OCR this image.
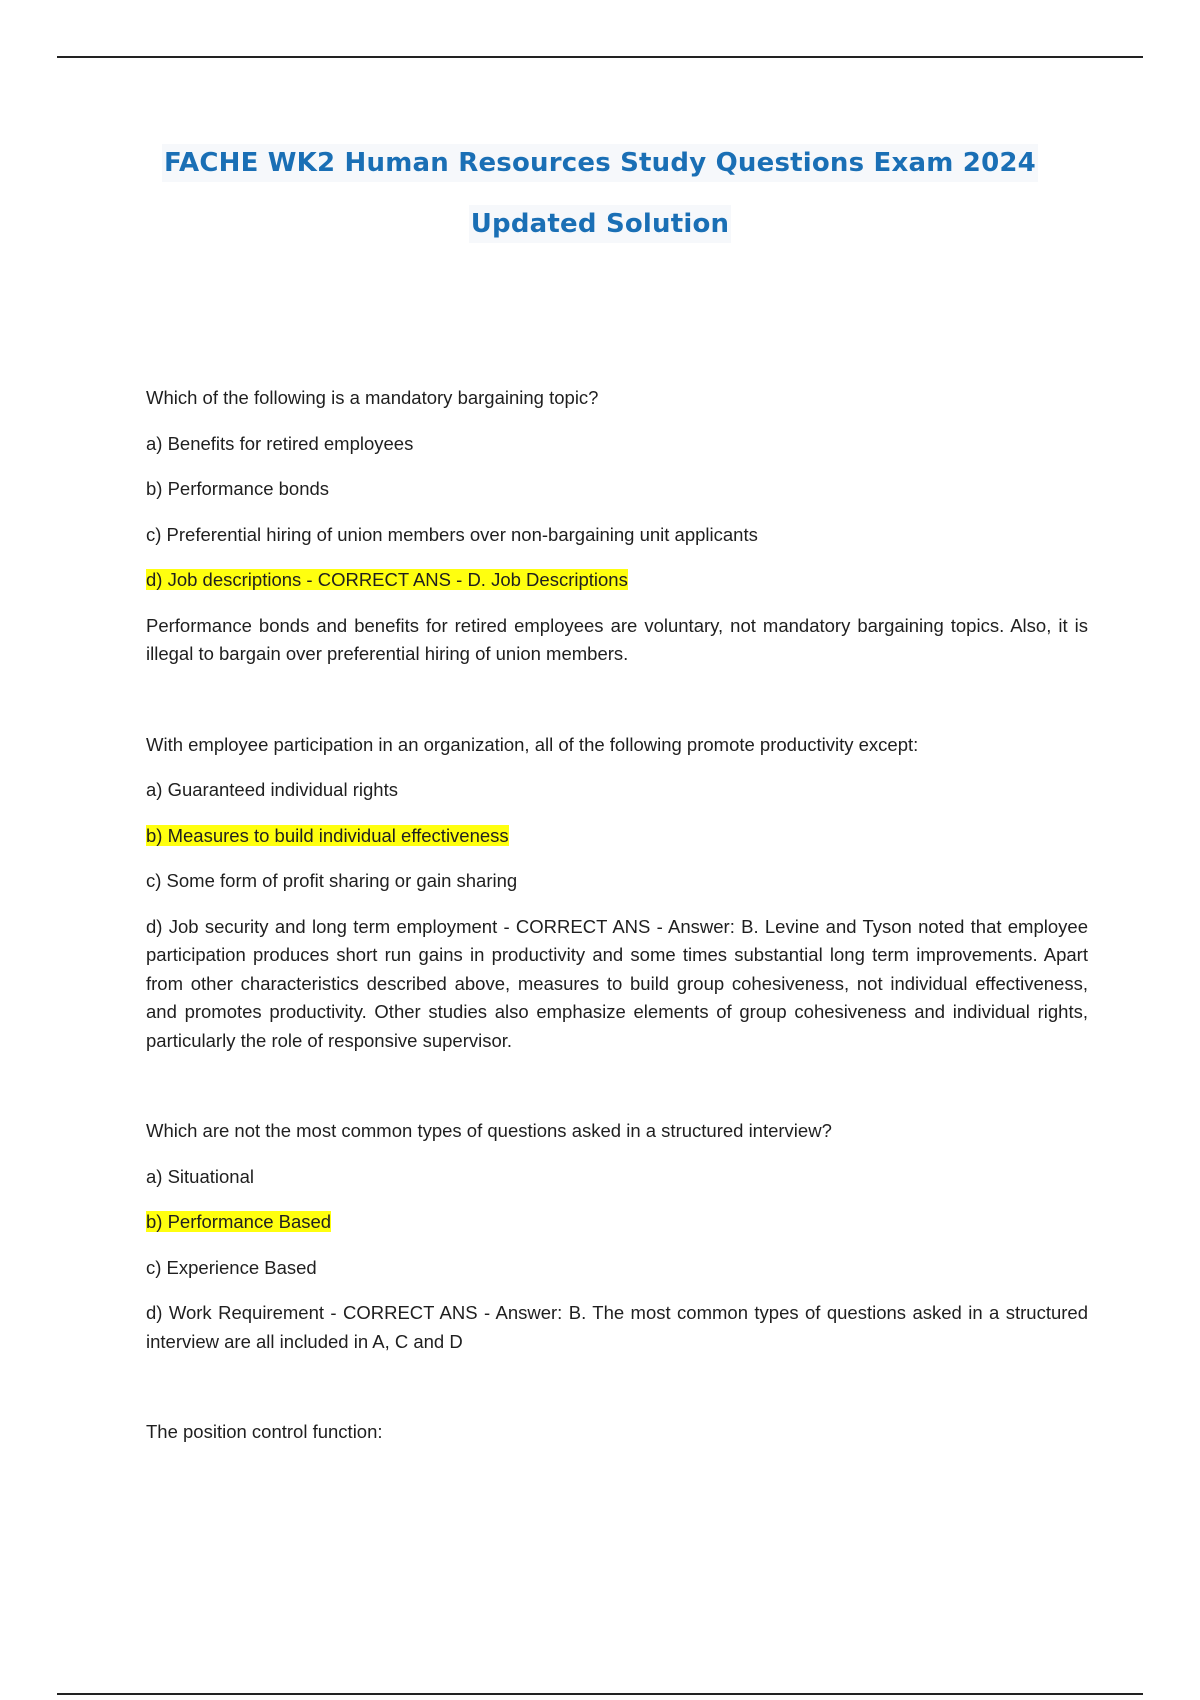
FACHE WK2 Human Resources Study Questions Exam 2024
Updated Solution

Which of the following is a mandatory bargaining topic?

a) Benefits for retired employees

b) Performance bonds

c) Preferential hiring of union members over non-bargaining unit applicants

d) Job descriptions - CORRECT ANS - D. Job Descriptions

Performance bonds and benefits for retired employees are voluntary, not mandatory bargaining topics. Also, it is illegal to bargain over preferential hiring of union members.

With employee participation in an organization, all of the following promote productivity except:

a) Guaranteed individual rights

b) Measures to build individual effectiveness

c) Some form of profit sharing or gain sharing

d) Job security and long term employment - CORRECT ANS - Answer: B. Levine and Tyson noted that employee participation produces short run gains in productivity and some times substantial long term improvements. Apart from other characteristics described above, measures to build group cohesiveness, not individual effectiveness, and promotes productivity. Other studies also emphasize elements of group cohesiveness and individual rights, particularly the role of responsive supervisor.

Which are not the most common types of questions asked in a structured interview?

a) Situational

b) Performance Based

c) Experience Based

d) Work Requirement - CORRECT ANS - Answer: B. The most common types of questions asked in a structured interview are all included in A, C and D

The position control function:
